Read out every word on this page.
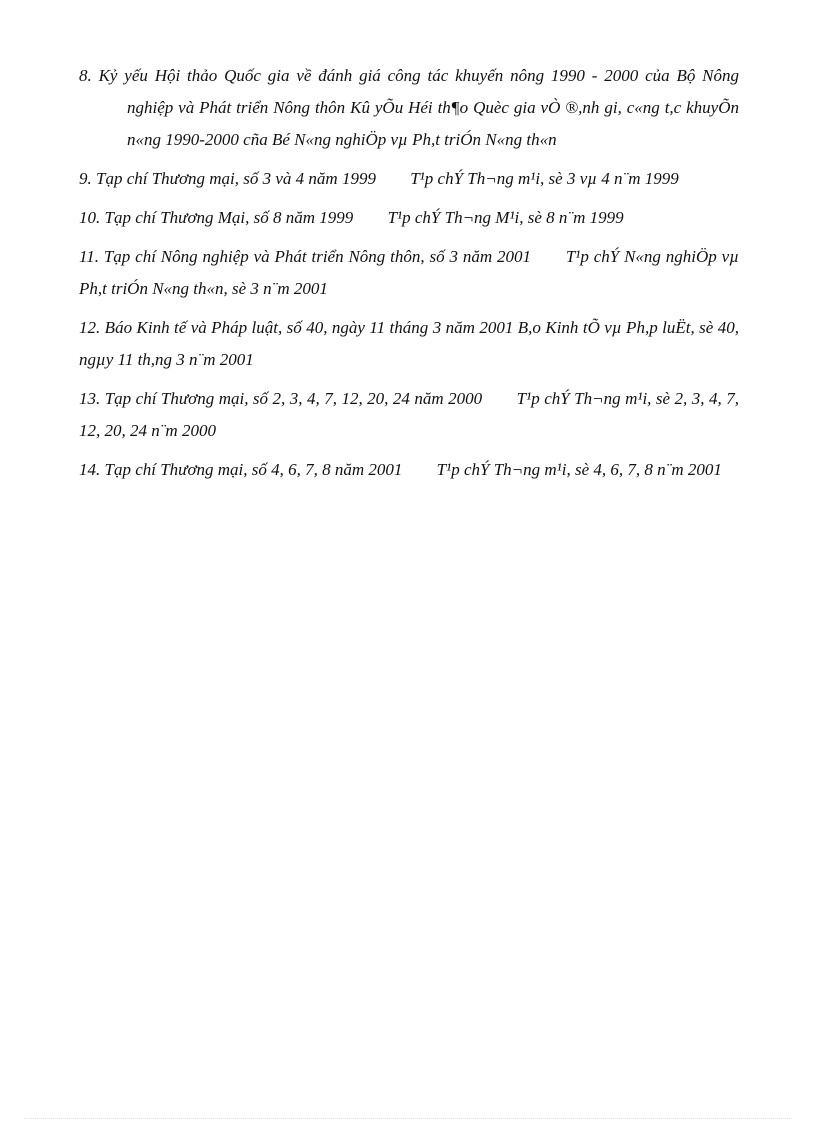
8. Kỷ yếu Hội thảo Quốc gia về đánh giá công tác khuyến nông 1990 - 2000 của Bộ Nông nghiệp và Phát triển Nông thôn Kû yÕu Héi th¶o Quèc gia vÒ ®,nh gi, c«ng t,c khuyÕn n«ng 1990-2000 cña Bé N«ng nghiÖp vµ Ph,t triÓn N«ng th«n
9. Tạp chí Thương mại, số 3 và 4 năm 1999 T¹p chÝ Th¬ng m¹i, sè 3 vµ 4 n¨m 1999
10. Tạp chí Thương Mại, số 8 năm 1999 T¹p chÝ Th¬ng M¹i, sè 8 n¨m 1999
11. Tạp chí Nông nghiệp và Phát triển Nông thôn, số 3 năm 2001 T¹p chÝ N«ng nghiÖp vµ Ph,t triÓn N«ng th«n, sè 3 n¨m 2001
12. Báo Kinh tế và Pháp luật, số 40, ngày 11 tháng 3 năm 2001 B,o Kinh tÕ vµ Ph,p luËt, sè 40, ngµy 11 th,ng 3 n¨m 2001
13. Tạp chí Thương mại, số 2, 3, 4, 7, 12, 20, 24 năm 2000 T¹p chÝ Th¬ng m¹i, sè 2, 3, 4, 7, 12, 20, 24 n¨m 2000
14. Tạp chí Thương mại, số 4, 6, 7, 8 năm 2001 T¹p chÝ Th¬ng m¹i, sè 4, 6, 7, 8 n¨m 2001
